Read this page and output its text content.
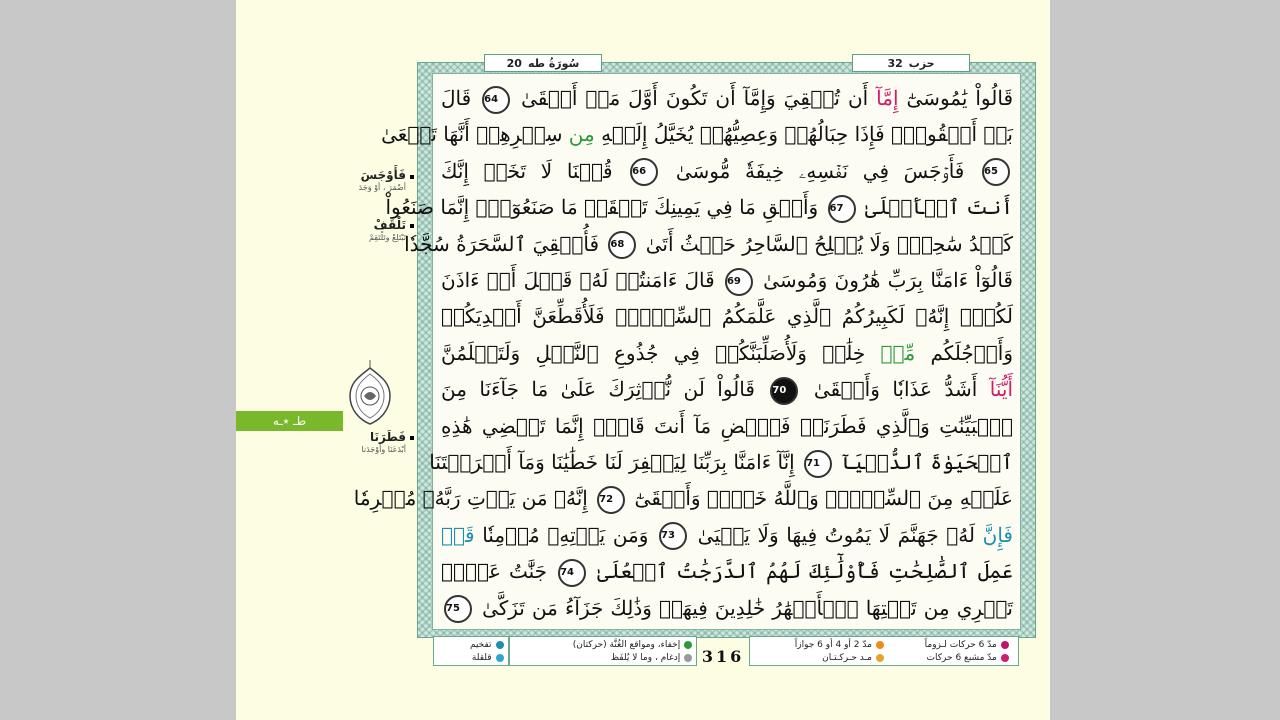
فَأَوْجَسَ
أضْمَرَ ، أوْ وَجَدَ
تَلْقَفْ
تَبْتَلِعْ وتَلْتَقِمْ
طـ ٭ـه
فَطَرَنَا
أبْدَعَنَا وأوْجَدَنا
سُورَةُ طه
20	حزب
32
قَالُواْ يَٰمُوسَىٰٓ إِمَّآ أَن تُلۡقِيَ وَإِمَّآ أَن تَكُونَ أَوَّلَ مَنۡ أَلۡقَىٰ 64 قَالَ
بَلۡ أَلۡقُواْۖ فَإِذَا حِبَالُهُمۡ وَعِصِيُّهُمۡ يُخَيَّلُ إِلَيۡهِ مِن سِحۡرِهِمۡ أَنَّهَا تَسۡعَىٰ
65 فَأَوۡجَسَ فِي نَفۡسِهِۦ خِيفَةٗ مُّوسَىٰ 66 قُلۡنَا لَا تَخَفۡ إِنَّكَ
أَنتَ ٱلۡأَعۡلَىٰ 67 وَأَلۡقِ مَا فِي يَمِينِكَ تَلۡقَفۡ مَا صَنَعُوٓاْۖ إِنَّمَا صَنَعُواْ
كَيۡدُ سَٰحِرٖۖ وَلَا يُفۡلِحُ ٱلسَّاحِرُ حَيۡثُ أَتَىٰ 68 فَأُلۡقِيَ ٱلسَّحَرَةُ سُجَّدٗا
قَالُوٓاْ ءَامَنَّا بِرَبِّ هَٰرُونَ وَمُوسَىٰ 69 قَالَ ءَامَنتُمۡ لَهُۥ قَبۡلَ أَنۡ ءَاذَنَ
لَكُمۡۖ إِنَّهُۥ لَكَبِيرُكُمُ ٱلَّذِي عَلَّمَكُمُ ٱلسِّحۡرَۖ فَلَأُقَطِّعَنَّ أَيۡدِيَكُمۡ
وَأَرۡجُلَكُم مِّنۡ خِلَٰفٖ وَلَأُصَلِّبَنَّكُمۡ فِي جُذُوعِ ٱلنَّخۡلِ وَلَتَعۡلَمُنَّ
أَيُّنَآ أَشَدُّ عَذَابٗا وَأَبۡقَىٰ 70 قَالُواْ لَن نُّؤۡثِرَكَ عَلَىٰ مَا جَآءَنَا مِنَ
ٱلۡبَيِّنَٰتِ وَٱلَّذِي فَطَرَنَاۖ فَٱقۡضِ مَآ أَنتَ قَاضٍۖ إِنَّمَا تَقۡضِي هَٰذِهِ
ٱلۡحَيَوٰةَ ٱلدُّنۡيَآ 71 إِنَّآ ءَامَنَّا بِرَبِّنَا لِيَغۡفِرَ لَنَا خَطَٰيَٰنَا وَمَآ أَكۡرَهۡتَنَا
عَلَيۡهِ مِنَ ٱلسِّحۡرِۗ وَٱللَّهُ خَيۡرٞ وَأَبۡقَىٰٓ 72 إِنَّهُۥ مَن يَأۡتِ رَبَّهُۥ مُجۡرِمٗا
فَإِنَّ لَهُۥ جَهَنَّمَ لَا يَمُوتُ فِيهَا وَلَا يَحۡيَىٰ 73 وَمَن يَأۡتِهِۦ مُؤۡمِنٗا قَدۡ
عَمِلَ ٱلصَّٰلِحَٰتِ فَأُوْلَٰٓئِكَ لَهُمُ ٱلدَّرَجَٰتُ ٱلۡعُلَىٰ 74 جَنَّٰتُ عَدۡنٖ
تَجۡرِي مِن تَحۡتِهَا ٱلۡأَنۡهَٰرُ خَٰلِدِينَ فِيهَاۚ وَذَٰلِكَ جَزَآءُ مَن تَزَكَّىٰ 75
تفخيم
قلقلة
إخفاء، ومواقع الغُنَّة (حركتان)
إدغام ، وما لا يُلفَظ 316
مدّ 6 حركات لـزوماً
مدّ 2 أو 4 أو 6 جوازاً
مدّ مشبع 6 حركات
مـد حـركـتـان
